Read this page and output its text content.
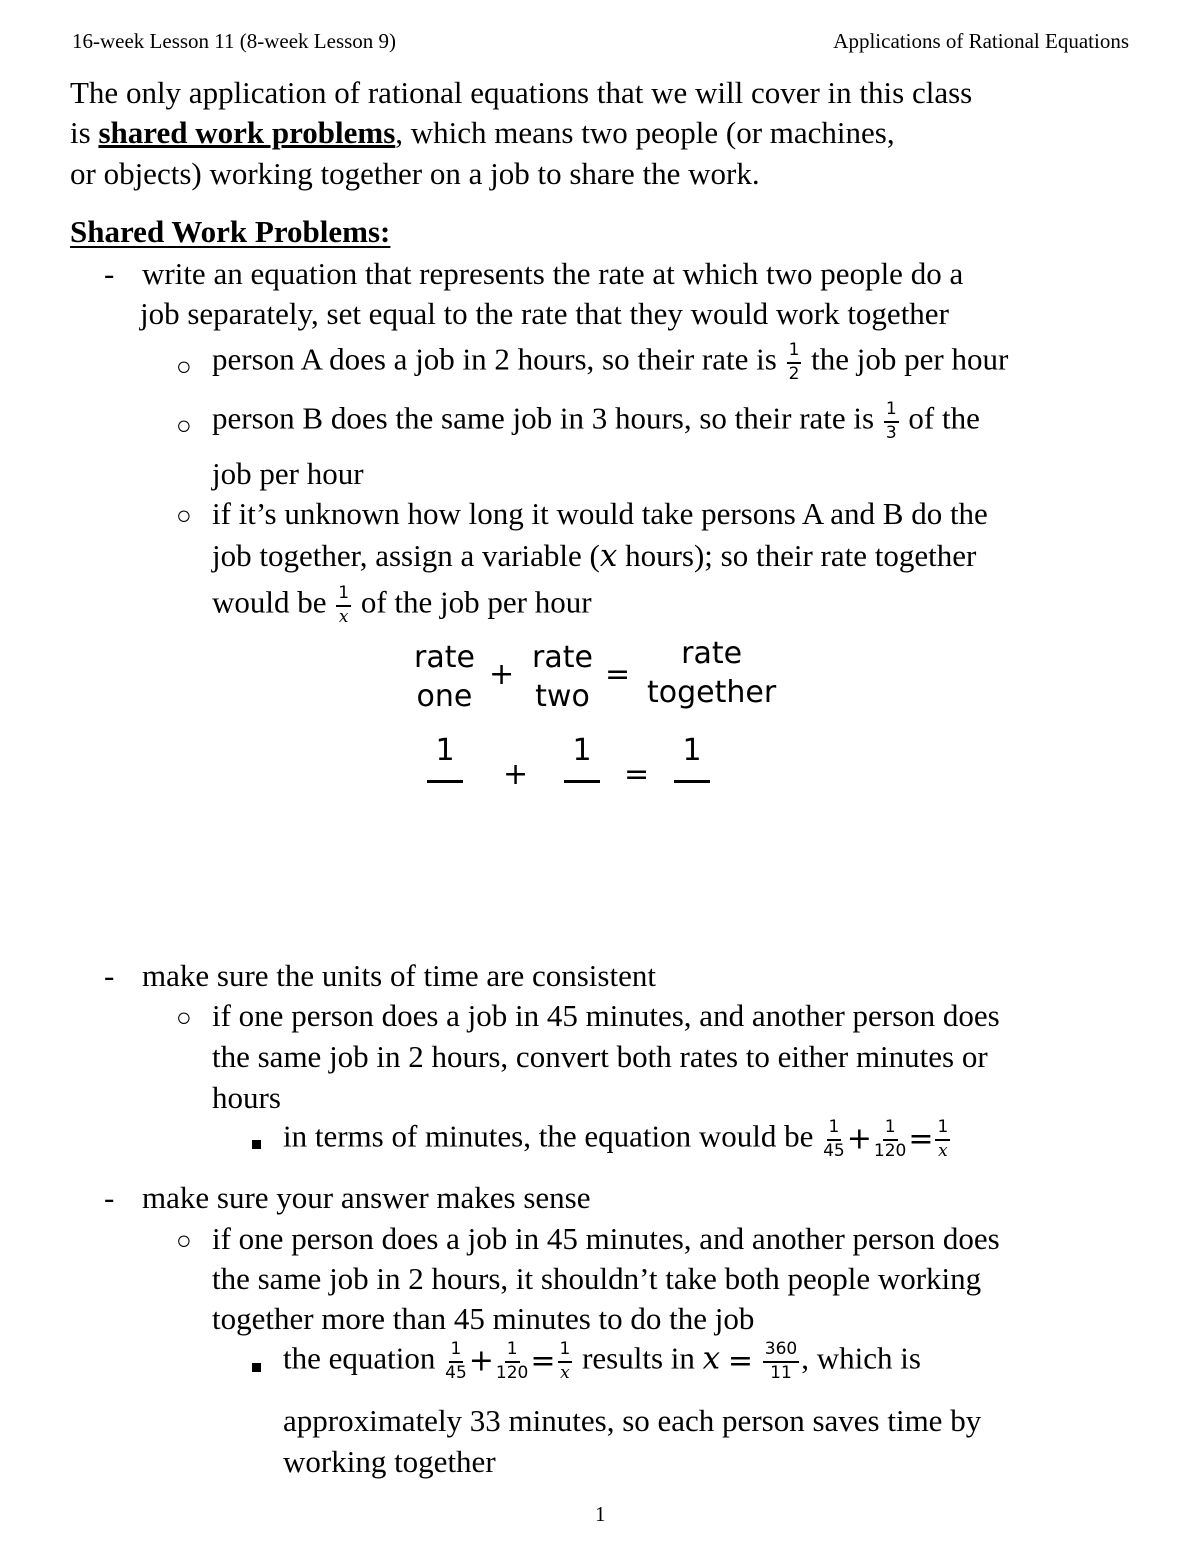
16-week Lesson 11 (8-week Lesson 9)	Applications of Rational Equations
The only application of rational equations that we will cover in this class
is shared work problems, which means two people (or machines,
or objects) working together on a job to share the work.
Shared Work Problems:
- write an equation that represents the rate at which two people do a
job separately, set equal to the rate that they would work together
○ person A does a job in 2 hours, so their rate is $\frac{1}{2}$ the job per hour
○ person B does the same job in 3 hours, so their rate is $\frac{1}{3}$ of the
job per hour
○ if it’s unknown how long it would take persons A and B do the
job together, assign a variable (x hours); so their rate together
would be $\frac{1}{x}$ of the job per hour
rate
one
+ rate
two
=
rate
together
1
+
1
=
1
- make sure the units of time are consistent
○ if one person does a job in 45 minutes, and another person does
the same job in 2 hours, convert both rates to either minutes or
hours
in terms of minutes, the equation would be $\frac{1}{45} + \frac{1}{120} = \frac{1}{x}$
- make sure your answer makes sense
○ if one person does a job in 45 minutes, and another person does
the same job in 2 hours, it shouldn’t take both people working
together more than 45 minutes to do the job
the equation $\frac{1}{45} + \frac{1}{120} = \frac{1}{x}$ results in $x = \frac{360}{11}$ , which is
approximately 33 minutes, so each person saves time by
working together
1
